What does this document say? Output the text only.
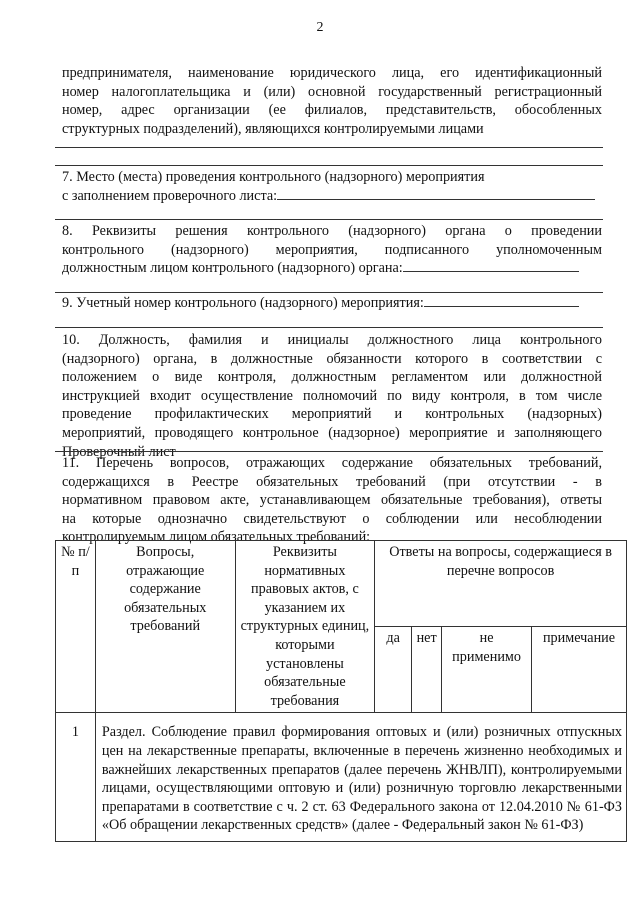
2
предпринимателя, наименование юридического лица, его идентификационный
номер налогоплательщика и (или) основной государственный регистрационный
номер, адрес организации (ее филиалов, представительств, обособленных
структурных подразделений), являющихся контролируемыми лицами
7. Место (места) проведения контрольного (надзорного) мероприятия
с заполнением проверочного листа:
8. Реквизиты решения контрольного (надзорного) органа о проведении
контрольного (надзорного) мероприятия, подписанного уполномоченным
должностным лицом контрольного (надзорного) органа:
9. Учетный номер контрольного (надзорного) мероприятия:
10. Должность, фамилия и инициалы должностного лица контрольного
(надзорного) органа, в должностные обязанности которого в соответствии с
положением о виде контроля, должностным регламентом или должностной
инструкцией входит осуществление полномочий по виду контроля, в том числе
проведение профилактических мероприятий и контрольных (надзорных)
мероприятий, проводящего контрольное (надзорное) мероприятие и заполняющего
Проверочный лист
11. Перечень вопросов, отражающих содержание обязательных требований,
содержащихся в Реестре обязательных требований (при отсутствии - в
нормативном правовом акте, устанавливающем обязательные требования), ответы
на которые однозначно свидетельствуют о соблюдении или несоблюдении
контролируемым лицом обязательных требований:
№ п/п	Вопросы, отражающие содержание обязательных требований	Реквизиты нормативных правовых актов, с указанием их структурных единиц, которыми установлены обязательные требования	Ответы на вопросы, содержащиеся в перечне вопросов			
			да	нет	не применимо	примечание
1	Раздел. Соблюдение правил формирования оптовых и (или) розничных отпускных цен на лекарственные препараты, включенные в перечень жизненно необходимых и важнейших лекарственных препаратов (далее перечень ЖНВЛП), контролируемыми лицами, осуществляющими оптовую и (или) розничную торговлю лекарственными препаратами в соответствие с ч. 2 ст. 63 Федерального закона от 12.04.2010 № 61-ФЗ «Об обращении лекарственных средств» (далее - Федеральный закон № 61-ФЗ)					
